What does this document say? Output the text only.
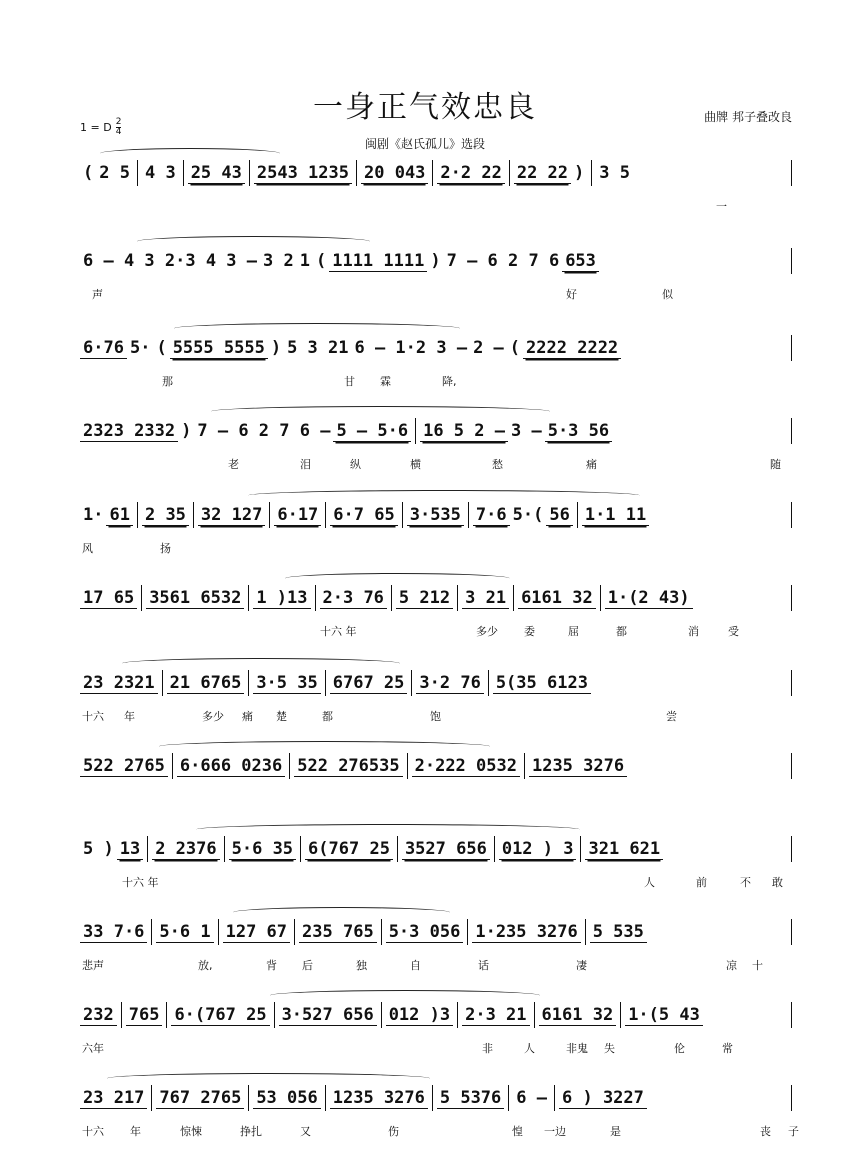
一身正气效忠良	曲牌 邦子叠改良
1 = D $\frac{2}{4}$
闽剧《赵氏孤儿》选段
( 2 5 4 3 25 43 2543 1235 20 043 2·2 22 22 22 ) 3 5
一
6 – 4 3 2·3 4 3 – 3 2 1 ( 1111 1111 ) 7 – 6 2 7 6 653
声	好	似
6·76 5· ( 5555 5555 ) 5 3 21 6 – 1·2 3 – 2 – ( 2222 2222
那	甘 霖	降,
2323 2332 ) 7 – 6 2 7 6 – 5 – 5·6 16 5 2 – 3 – 5·3 56
老	泪	纵	横	愁	痛	随
1· 61 2 35 32 127 6·17 6·7 65 3·535 7·6 5·( 56 1·1 11
风	扬
17 65 3561 6532 1 )13 2·3 76 5 212 3 21 6161 32 1·(2 43)
十六 年	多少 委	屈	都	消	受
23 2321 21 6765 3·5 35 6767 25 3·2 76 5(35 6123
十六 年	多少 痛 楚	都	饱	尝
522 2765 6·666 0236 522 276535 2·222 0532 1235 3276
5 ) 13 2 2376 5·6 35 6(767 25 3527 656 012 ) 3 321 621
十六 年	人	前	不 敢
33 7·6 5·6 1 127 67 235 765 5·3 056 1·235 3276 5 535
悲声	放,	背 后	独	自	话	凄	凉 十
232 765 6·(767 25 3·527 656 012 )3 2·3 21 6161 32 1·(5 43
六年	非	人	非鬼 失	伦	常
23 217 767 2765 53 056 1235 3276 5 5376 6 – 6 ) 3227
十六 年	惊悚	挣扎	又	伤	惶 一边	是	丧 子
